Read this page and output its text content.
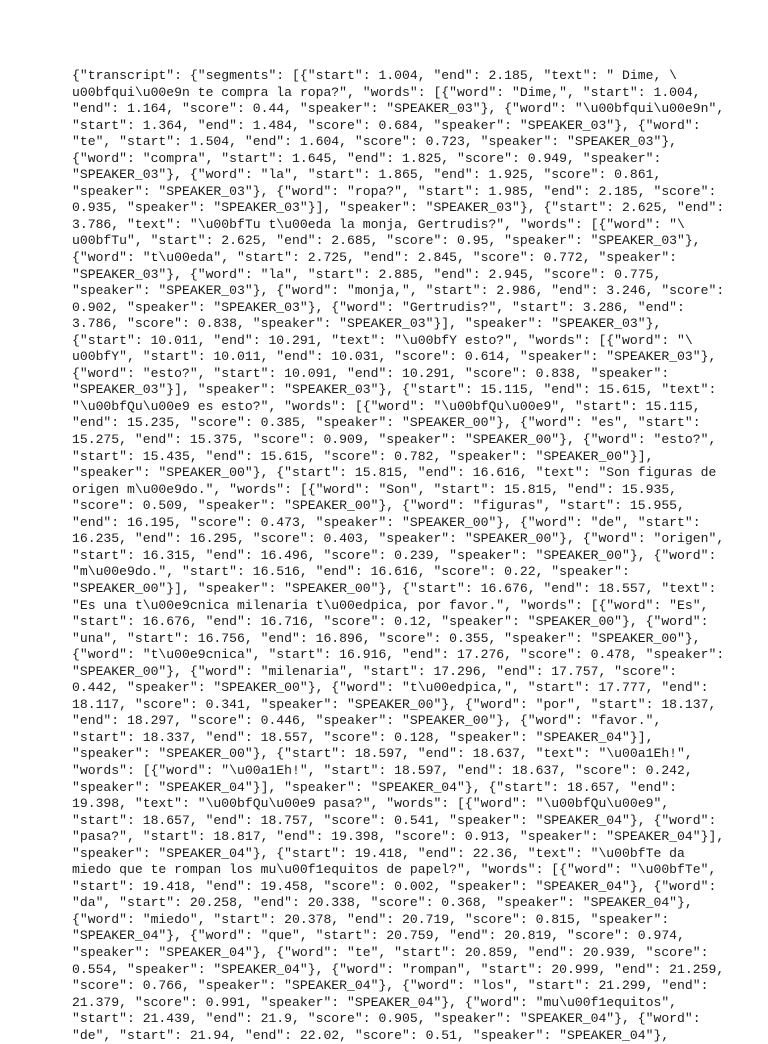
{"transcript": {"segments": [{"start": 1.004, "end": 2.185, "text": " Dime, \
u00bfqui\u00e9n te compra la ropa?", "words": [{"word": "Dime,", "start": 1.004,
"end": 1.164, "score": 0.44, "speaker": "SPEAKER_03"}, {"word": "\u00bfqui\u00e9n",
"start": 1.364, "end": 1.484, "score": 0.684, "speaker": "SPEAKER_03"}, {"word":
"te", "start": 1.504, "end": 1.604, "score": 0.723, "speaker": "SPEAKER_03"},
{"word": "compra", "start": 1.645, "end": 1.825, "score": 0.949, "speaker":
"SPEAKER_03"}, {"word": "la", "start": 1.865, "end": 1.925, "score": 0.861,
"speaker": "SPEAKER_03"}, {"word": "ropa?", "start": 1.985, "end": 2.185, "score":
0.935, "speaker": "SPEAKER_03"}], "speaker": "SPEAKER_03"}, {"start": 2.625, "end":
3.786, "text": "\u00bfTu t\u00eda la monja, Gertrudis?", "words": [{"word": "\
u00bfTu", "start": 2.625, "end": 2.685, "score": 0.95, "speaker": "SPEAKER_03"},
{"word": "t\u00eda", "start": 2.725, "end": 2.845, "score": 0.772, "speaker":
"SPEAKER_03"}, {"word": "la", "start": 2.885, "end": 2.945, "score": 0.775,
"speaker": "SPEAKER_03"}, {"word": "monja,", "start": 2.986, "end": 3.246, "score":
0.902, "speaker": "SPEAKER_03"}, {"word": "Gertrudis?", "start": 3.286, "end":
3.786, "score": 0.838, "speaker": "SPEAKER_03"}], "speaker": "SPEAKER_03"},
{"start": 10.011, "end": 10.291, "text": "\u00bfY esto?", "words": [{"word": "\
u00bfY", "start": 10.011, "end": 10.031, "score": 0.614, "speaker": "SPEAKER_03"},
{"word": "esto?", "start": 10.091, "end": 10.291, "score": 0.838, "speaker":
"SPEAKER_03"}], "speaker": "SPEAKER_03"}, {"start": 15.115, "end": 15.615, "text":
"\u00bfQu\u00e9 es esto?", "words": [{"word": "\u00bfQu\u00e9", "start": 15.115,
"end": 15.235, "score": 0.385, "speaker": "SPEAKER_00"}, {"word": "es", "start":
15.275, "end": 15.375, "score": 0.909, "speaker": "SPEAKER_00"}, {"word": "esto?",
"start": 15.435, "end": 15.615, "score": 0.782, "speaker": "SPEAKER_00"}],
"speaker": "SPEAKER_00"}, {"start": 15.815, "end": 16.616, "text": "Son figuras de
origen m\u00e9do.", "words": [{"word": "Son", "start": 15.815, "end": 15.935,
"score": 0.509, "speaker": "SPEAKER_00"}, {"word": "figuras", "start": 15.955,
"end": 16.195, "score": 0.473, "speaker": "SPEAKER_00"}, {"word": "de", "start":
16.235, "end": 16.295, "score": 0.403, "speaker": "SPEAKER_00"}, {"word": "origen",
"start": 16.315, "end": 16.496, "score": 0.239, "speaker": "SPEAKER_00"}, {"word":
"m\u00e9do.", "start": 16.516, "end": 16.616, "score": 0.22, "speaker":
"SPEAKER_00"}], "speaker": "SPEAKER_00"}, {"start": 16.676, "end": 18.557, "text":
"Es una t\u00e9cnica milenaria t\u00edpica, por favor.", "words": [{"word": "Es",
"start": 16.676, "end": 16.716, "score": 0.12, "speaker": "SPEAKER_00"}, {"word":
"una", "start": 16.756, "end": 16.896, "score": 0.355, "speaker": "SPEAKER_00"},
{"word": "t\u00e9cnica", "start": 16.916, "end": 17.276, "score": 0.478, "speaker":
"SPEAKER_00"}, {"word": "milenaria", "start": 17.296, "end": 17.757, "score":
0.442, "speaker": "SPEAKER_00"}, {"word": "t\u00edpica,", "start": 17.777, "end":
18.117, "score": 0.341, "speaker": "SPEAKER_00"}, {"word": "por", "start": 18.137,
"end": 18.297, "score": 0.446, "speaker": "SPEAKER_00"}, {"word": "favor.",
"start": 18.337, "end": 18.557, "score": 0.128, "speaker": "SPEAKER_04"}],
"speaker": "SPEAKER_00"}, {"start": 18.597, "end": 18.637, "text": "\u00a1Eh!",
"words": [{"word": "\u00a1Eh!", "start": 18.597, "end": 18.637, "score": 0.242,
"speaker": "SPEAKER_04"}], "speaker": "SPEAKER_04"}, {"start": 18.657, "end":
19.398, "text": "\u00bfQu\u00e9 pasa?", "words": [{"word": "\u00bfQu\u00e9",
"start": 18.657, "end": 18.757, "score": 0.541, "speaker": "SPEAKER_04"}, {"word":
"pasa?", "start": 18.817, "end": 19.398, "score": 0.913, "speaker": "SPEAKER_04"}],
"speaker": "SPEAKER_04"}, {"start": 19.418, "end": 22.36, "text": "\u00bfTe da
miedo que te rompan los mu\u00f1equitos de papel?", "words": [{"word": "\u00bfTe",
"start": 19.418, "end": 19.458, "score": 0.002, "speaker": "SPEAKER_04"}, {"word":
"da", "start": 20.258, "end": 20.338, "score": 0.368, "speaker": "SPEAKER_04"},
{"word": "miedo", "start": 20.378, "end": 20.719, "score": 0.815, "speaker":
"SPEAKER_04"}, {"word": "que", "start": 20.759, "end": 20.819, "score": 0.974,
"speaker": "SPEAKER_04"}, {"word": "te", "start": 20.859, "end": 20.939, "score":
0.554, "speaker": "SPEAKER_04"}, {"word": "rompan", "start": 20.999, "end": 21.259,
"score": 0.766, "speaker": "SPEAKER_04"}, {"word": "los", "start": 21.299, "end":
21.379, "score": 0.991, "speaker": "SPEAKER_04"}, {"word": "mu\u00f1equitos",
"start": 21.439, "end": 21.9, "score": 0.905, "speaker": "SPEAKER_04"}, {"word":
"de", "start": 21.94, "end": 22.02, "score": 0.51, "speaker": "SPEAKER_04"},
